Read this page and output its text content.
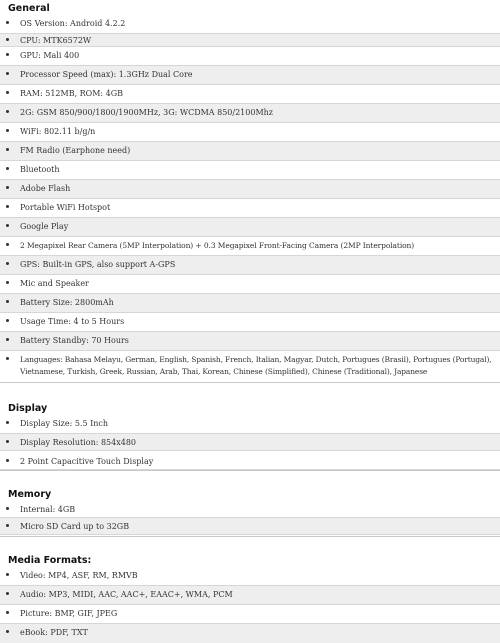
General
OS Version: Android 4.2.2
CPU: MTK6572W
GPU: Mali 400
Processor Speed (max): 1.3GHz Dual Core
RAM: 512MB, ROM: 4GB
2G: GSM 850/900/1800/1900MHz, 3G: WCDMA 850/2100Mhz
WiFi: 802.11 b/g/n
FM Radio (Earphone need)
Bluetooth
Adobe Flash
Portable WiFi Hotspot
Google Play
2 Megapixel Rear Camera (5MP Interpolation) + 0.3 Megapixel Front-Facing Camera (2MP Interpolation)
GPS: Built-in GPS, also support A-GPS
Mic and Speaker
Battery Size: 2800mAh
Usage Time: 4 to 5 Hours
Battery Standby: 70 Hours
Languages: Bahasa Melayu, German, English, Spanish, French, Italian, Magyar, Dutch, Portugues (Brasil), Portugues (Portugal), Vietnamese, Turkish, Greek, Russian, Arab, Thai, Korean, Chinese (Simplified), Chinese (Traditional), Japanese
Display
Display Size: 5.5 Inch
Display Resolution: 854x480
2 Point Capacitive Touch Display
Memory
Internal: 4GB
Micro SD Card up to 32GB
Media Formats:
Video: MP4, ASF, RM, RMVB
Audio: MP3, MIDI, AAC, AAC+, EAAC+, WMA, PCM
Picture: BMP, GIF, JPEG
eBook: PDF, TXT
